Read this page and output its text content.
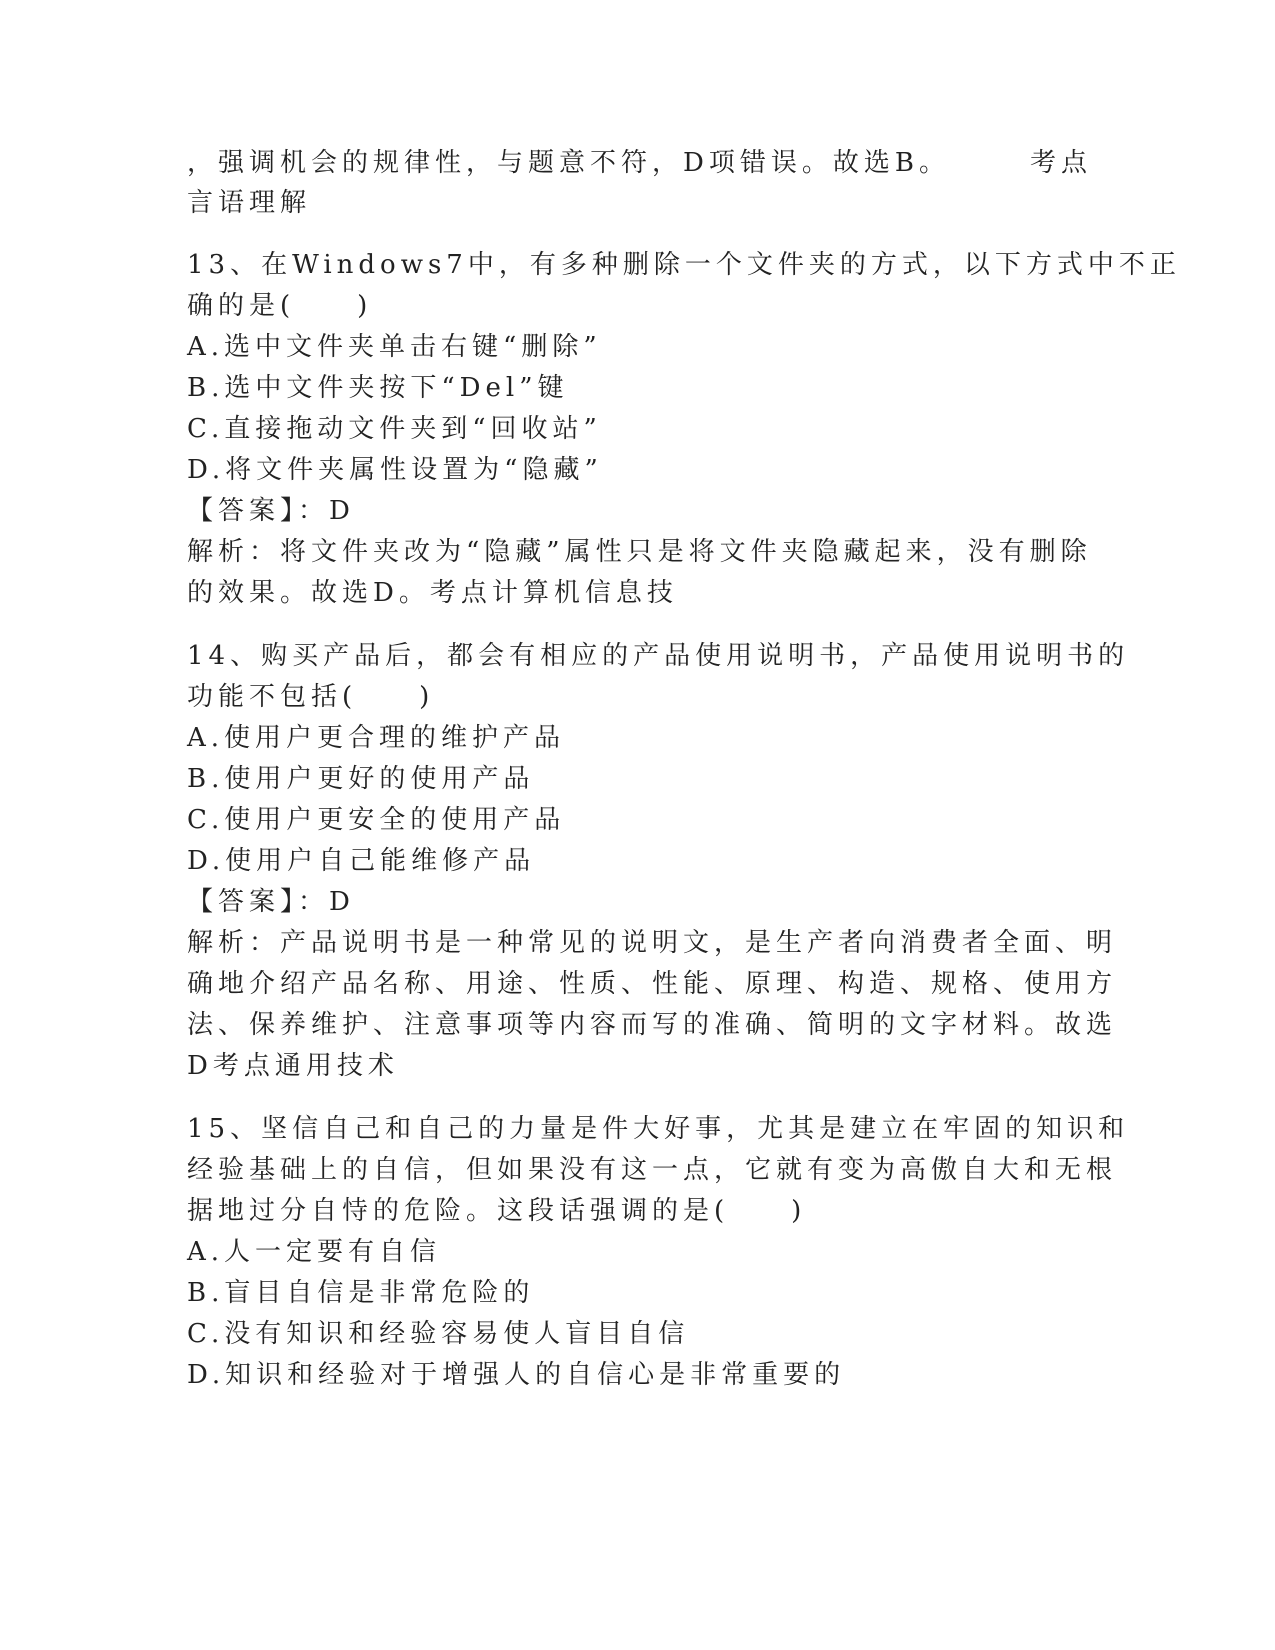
，强调机会的规律性，与题意不符，D项错误。故选B。　　　考点
言语理解
13、在Windows7中，有多种删除一个文件夹的方式，以下方式中不正
确的是(　　)
A.选中文件夹单击右键“删除”
B.选中文件夹按下“Del”键
C.直接拖动文件夹到“回收站”
D.将文件夹属性设置为“隐藏”
【答案】：D
解析：将文件夹改为“隐藏”属性只是将文件夹隐藏起来，没有删除
的效果。故选D。考点计算机信息技
14、购买产品后，都会有相应的产品使用说明书，产品使用说明书的
功能不包括(　　)
A.使用户更合理的维护产品
B.使用户更好的使用产品
C.使用户更安全的使用产品
D.使用户自己能维修产品
【答案】：D
解析：产品说明书是一种常见的说明文，是生产者向消费者全面、明
确地介绍产品名称、用途、性质、性能、原理、构造、规格、使用方
法、保养维护、注意事项等内容而写的准确、简明的文字材料。故选
D考点通用技术
15、坚信自己和自己的力量是件大好事，尤其是建立在牢固的知识和
经验基础上的自信，但如果没有这一点，它就有变为高傲自大和无根
据地过分自恃的危险。这段话强调的是(　　)
A.人一定要有自信
B.盲目自信是非常危险的
C.没有知识和经验容易使人盲目自信
D.知识和经验对于增强人的自信心是非常重要的
